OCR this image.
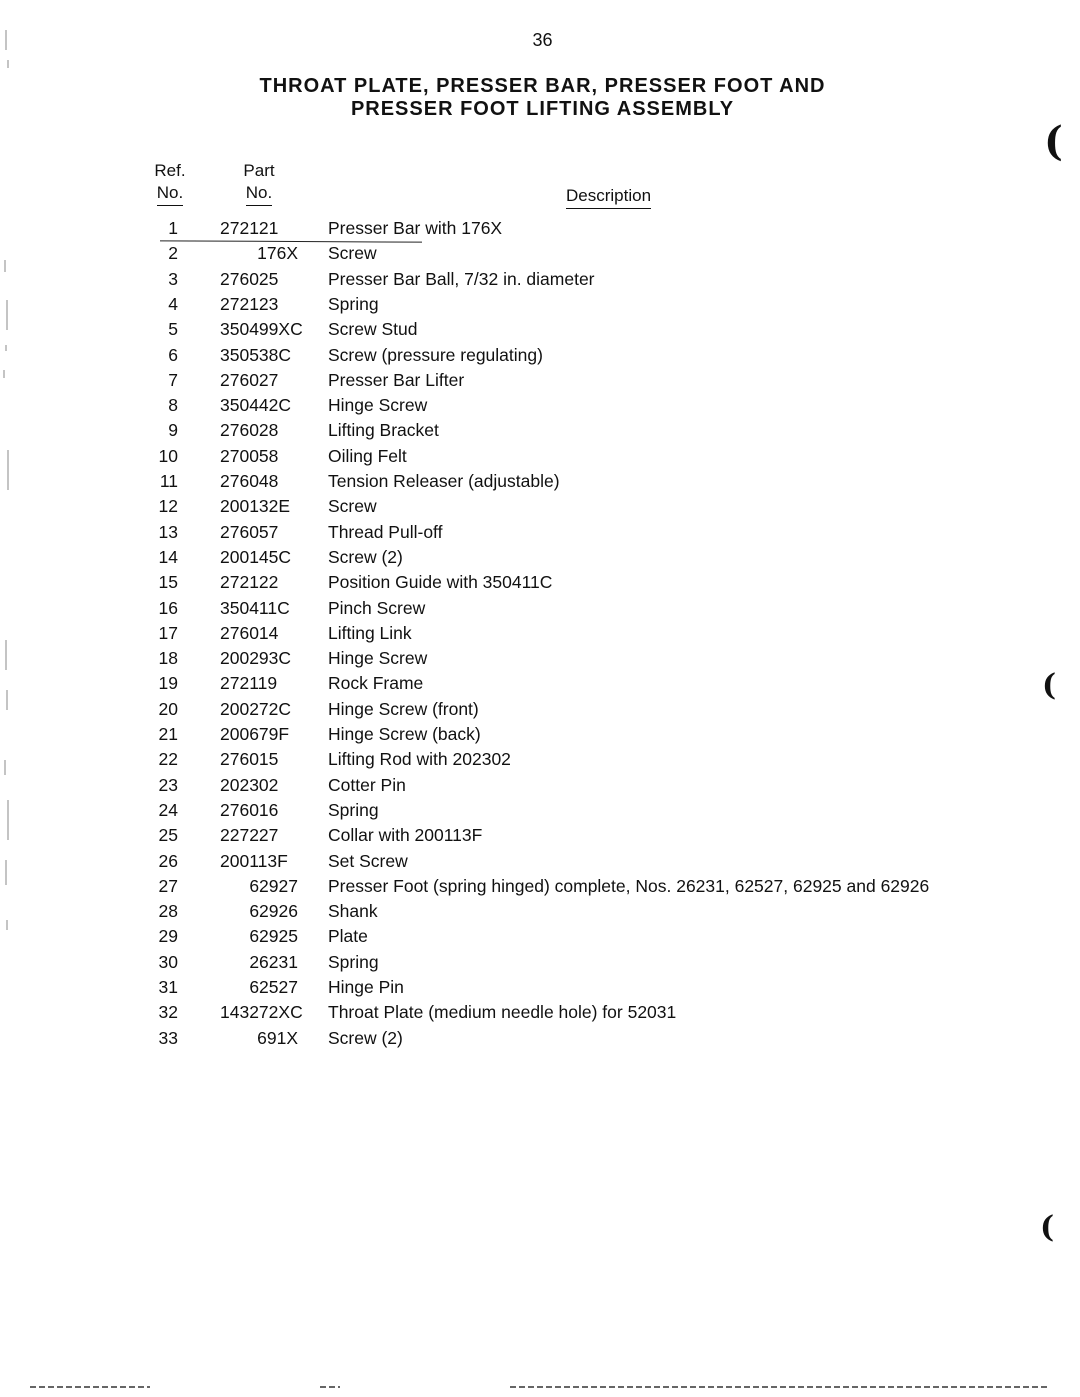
36
THROAT PLATE, PRESSER BAR, PRESSER FOOT AND
PRESSER FOOT LIFTING ASSEMBLY
Ref.
No.
Part
No.	Description
1 272121	Presser Bar with 176X
2	176X Screw
3 276025	Presser Bar Ball, 7/32 in. diameter
4 272123	Spring
5 350499XC Screw Stud
6 350538C	Screw (pressure regulating)
7 276027	Presser Bar Lifter
8 350442C	Hinge Screw
9 276028	Lifting Bracket
10 270058	Oiling Felt
11 276048	Tension Releaser (adjustable)
12 200132E	Screw
13 276057	Thread Pull-off
14 200145C	Screw (2)
15 272122	Position Guide with 350411C
16 350411C	Pinch Screw
17 276014	Lifting Link
18 200293C	Hinge Screw
19 272119	Rock Frame
20 200272C	Hinge Screw (front)
21 200679F	Hinge Screw (back)
22 276015	Lifting Rod with 202302
23 202302	Cotter Pin
24 276016	Spring
25 227227	Collar with 200113F
26 200113F	Set Screw
27	62927 Presser Foot (spring hinged) complete, Nos. 26231, 62527, 62925 and 62926
28	62926 Shank
29	62925 Plate
30	26231 Spring
31	62527 Hinge Pin
32 143272XC Throat Plate (medium needle hole) for 52031
33	691X Screw (2)
(
(
(
